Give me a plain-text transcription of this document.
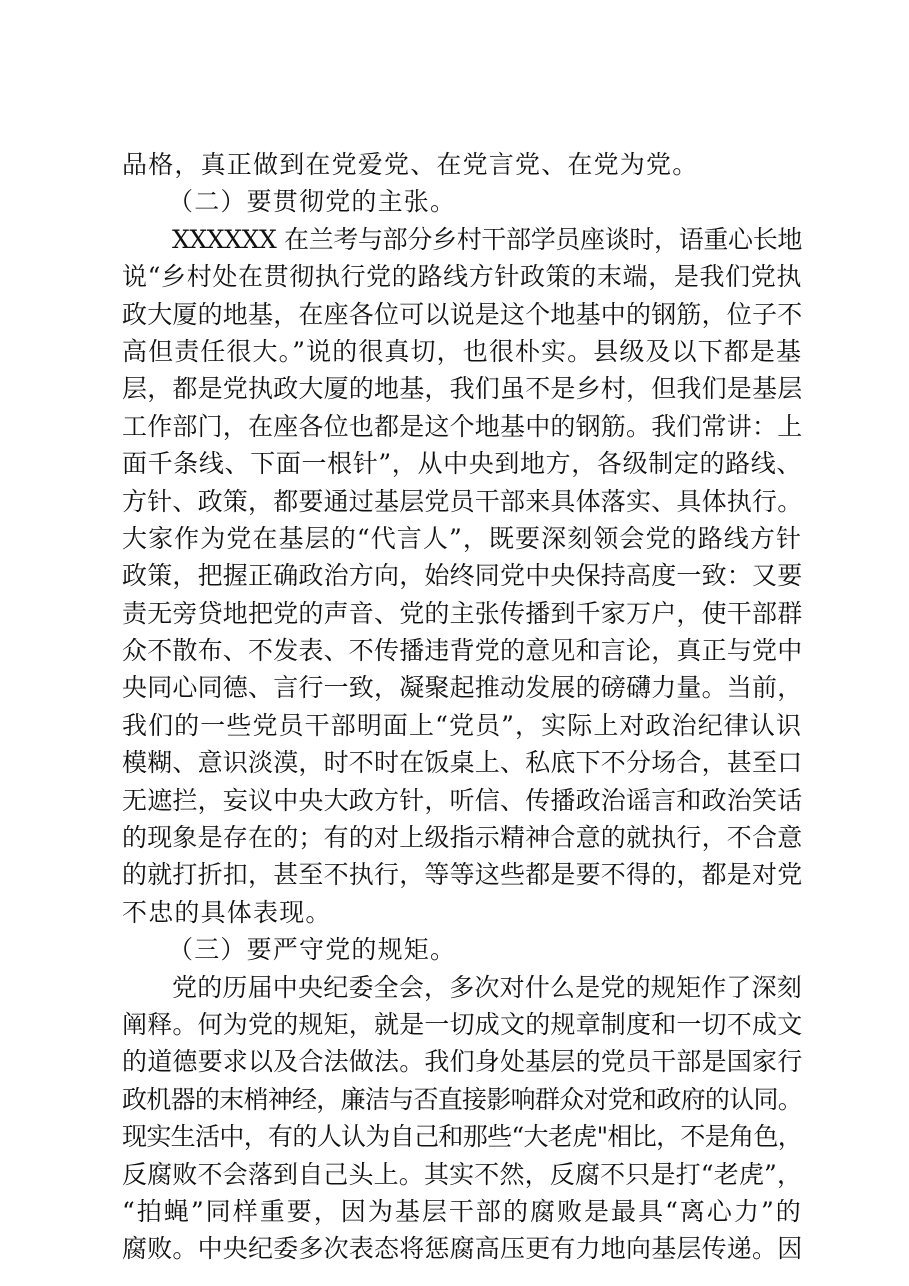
品格，真正做到在党爱党、在党言党、在党为党。
（二）要贯彻党的主张。
XXXXXX 在兰考与部分乡村干部学员座谈时，语重心长地
说“乡村处在贯彻执行党的路线方针政策的末端，是我们党执
政大厦的地基，在座各位可以说是这个地基中的钢筋，位子不
高但责任很大。”说的很真切，也很朴实。县级及以下都是基
层，都是党执政大厦的地基，我们虽不是乡村，但我们是基层
工作部门，在座各位也都是这个地基中的钢筋。我们常讲：上
面千条线、下面一根针”，从中央到地方，各级制定的路线、
方针、政策，都要通过基层党员干部来具体落实、具体执行。
大家作为党在基层的“代言人”，既要深刻领会党的路线方针
政策，把握正确政治方向，始终同党中央保持高度一致：又要
责无旁贷地把党的声音、党的主张传播到千家万户，使干部群
众不散布、不发表、不传播违背党的意见和言论，真正与党中
央同心同德、言行一致，凝聚起推动发展的磅礴力量。当前，
我们的一些党员干部明面上“党员”，实际上对政治纪律认识
模糊、意识淡漠，时不时在饭桌上、私底下不分场合，甚至口
无遮拦，妄议中央大政方针，听信、传播政治谣言和政治笑话
的现象是存在的；有的对上级指示精神合意的就执行，不合意
的就打折扣，甚至不执行，等等这些都是要不得的，都是对党
不忠的具体表现。
（三）要严守党的规矩。
党的历届中央纪委全会，多次对什么是党的规矩作了深刻
阐释。何为党的规矩，就是一切成文的规章制度和一切不成文
的道德要求以及合法做法。我们身处基层的党员干部是国家行
政机器的末梢神经，廉洁与否直接影响群众对党和政府的认同。
现实生活中，有的人认为自己和那些“大老虎"相比，不是角色，
反腐败不会落到自己头上。其实不然，反腐不只是打“老虎”，
“拍蝇”同样重要，因为基层干部的腐败是最具“离心力”的
腐败。中央纪委多次表态将惩腐高压更有力地向基层传递。因
